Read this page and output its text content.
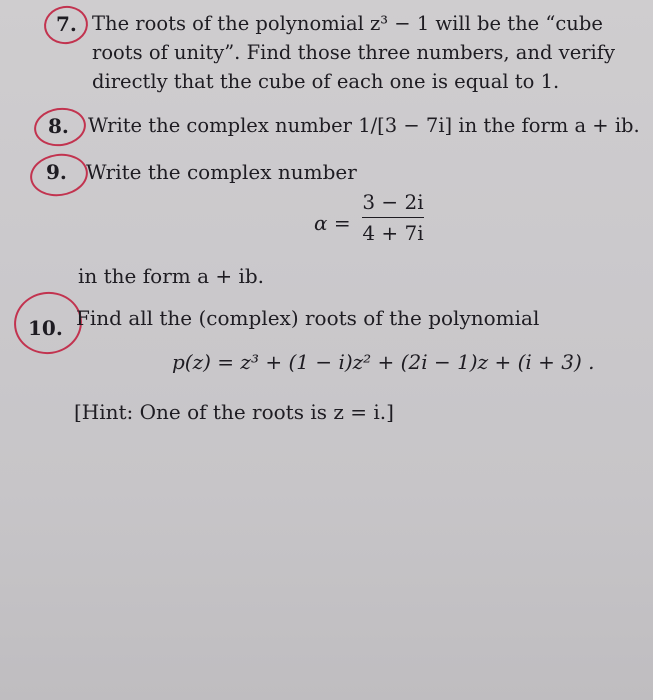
7. The roots of the polynomial z³ − 1 will be the “cube
roots of unity”. Find those three numbers, and verify
directly that the cube of each one is equal to 1.
8. Write the complex number 1/[3 − 7i] in the form a + ib.
9. Write the complex number
α =
3 − 2i
4 + 7i
in the form a + ib.
10. Find all the (complex) roots of the polynomial
p(z) = z³ + (1 − i)z² + (2i − 1)z + (i + 3) .
[Hint: One of the roots is z = i.]
